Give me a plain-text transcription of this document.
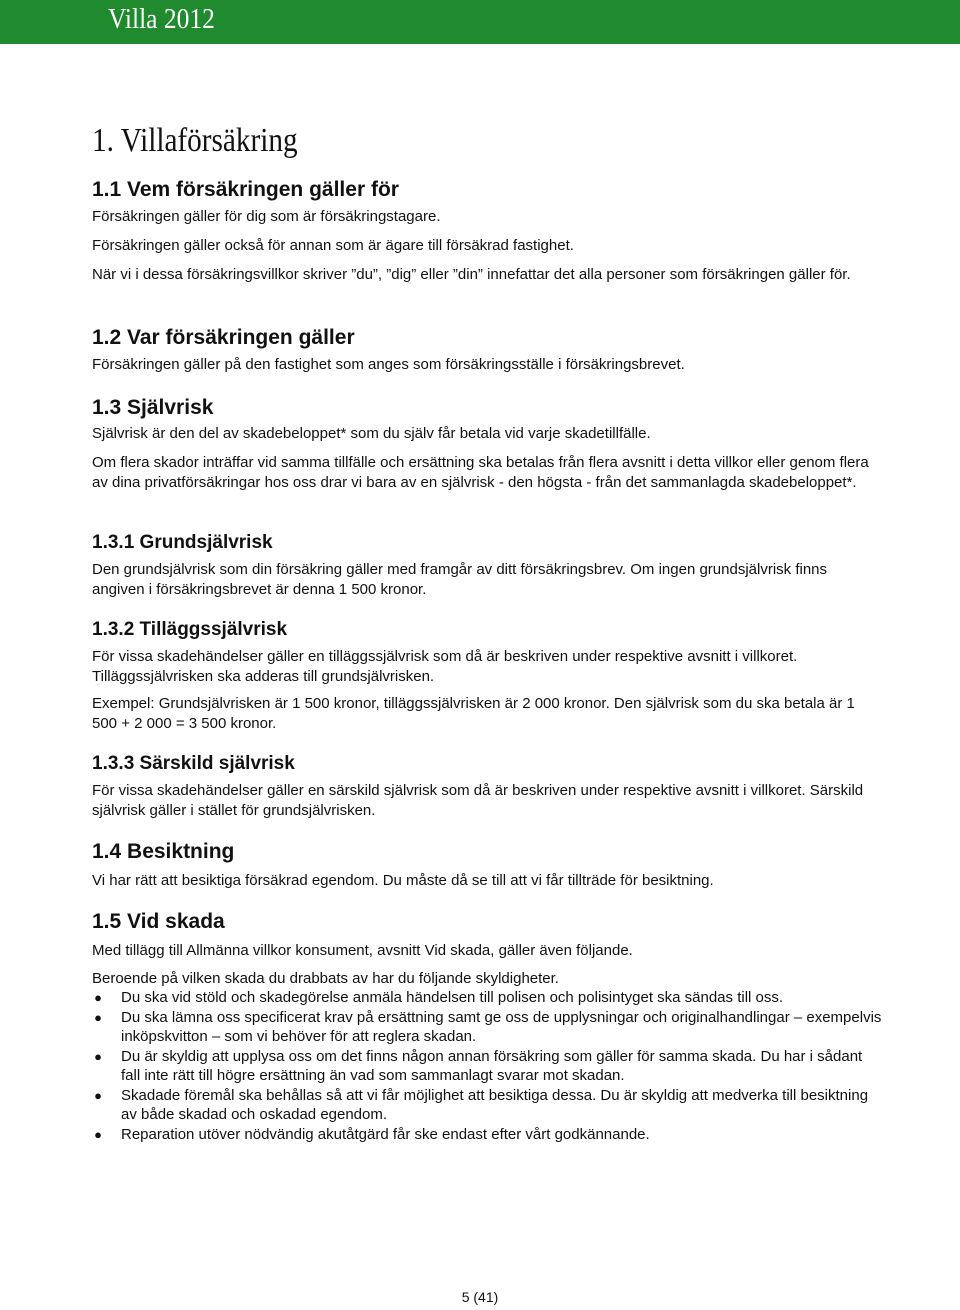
Villa 2012
1. Villaförsäkring
1.1 Vem försäkringen gäller för
Försäkringen gäller för dig som är försäkringstagare.
Försäkringen gäller också för annan som är ägare till försäkrad fastighet.
När vi i dessa försäkringsvillkor skriver ”du”, ”dig” eller ”din” innefattar det alla personer som försäkringen gäller för.
1.2 Var försäkringen gäller
Försäkringen gäller på den fastighet som anges som försäkringsställe i försäkringsbrevet.
1.3 Självrisk
Självrisk är den del av skadebeloppet* som du själv får betala vid varje skadetillfälle.
Om flera skador inträffar vid samma tillfälle och ersättning ska betalas från flera avsnitt i detta villkor eller genom flera av dina privatförsäkringar hos oss drar vi bara av en självrisk - den högsta - från det sammanlagda skadebeloppet*.
1.3.1 Grundsjälvrisk
Den grundsjälvrisk som din försäkring gäller med framgår av ditt försäkringsbrev. Om ingen grundsjälvrisk finns angiven i försäkringsbrevet är denna 1 500 kronor.
1.3.2 Tilläggssjälvrisk
För vissa skadehändelser gäller en tilläggssjälvrisk som då är beskriven under respektive avsnitt i villkoret. Tilläggssjälvrisken ska adderas till grundsjälvrisken.
Exempel: Grundsjälvrisken är 1 500 kronor, tilläggssjälvrisken är 2 000 kronor. Den självrisk som du ska betala är 1 500 + 2 000 = 3 500 kronor.
1.3.3 Särskild självrisk
För vissa skadehändelser gäller en särskild självrisk som då är beskriven under respektive avsnitt i villkoret. Särskild självrisk gäller i stället för grundsjälvrisken.
1.4 Besiktning
Vi har rätt att besiktiga försäkrad egendom. Du måste då se till att vi får tillträde för besiktning.
1.5 Vid skada
Med tillägg till Allmänna villkor konsument, avsnitt Vid skada, gäller även följande.
Beroende på vilken skada du drabbats av har du följande skyldigheter.
● Du ska vid stöld och skadegörelse anmäla händelsen till polisen och polisintyget ska sändas till oss.
● Du ska lämna oss specificerat krav på ersättning samt ge oss de upplysningar och originalhandlingar – exempelvis inköpskvitton – som vi behöver för att reglera skadan.
● Du är skyldig att upplysa oss om det finns någon annan försäkring som gäller för samma skada. Du har i sådant fall inte rätt till högre ersättning än vad som sammanlagt svarar mot skadan.
● Skadade föremål ska behållas så att vi får möjlighet att besiktiga dessa. Du är skyldig att medverka till besiktning av både skadad och oskadad egendom.
● Reparation utöver nödvändig akutåtgärd får ske endast efter vårt godkännande.
5 (41)
